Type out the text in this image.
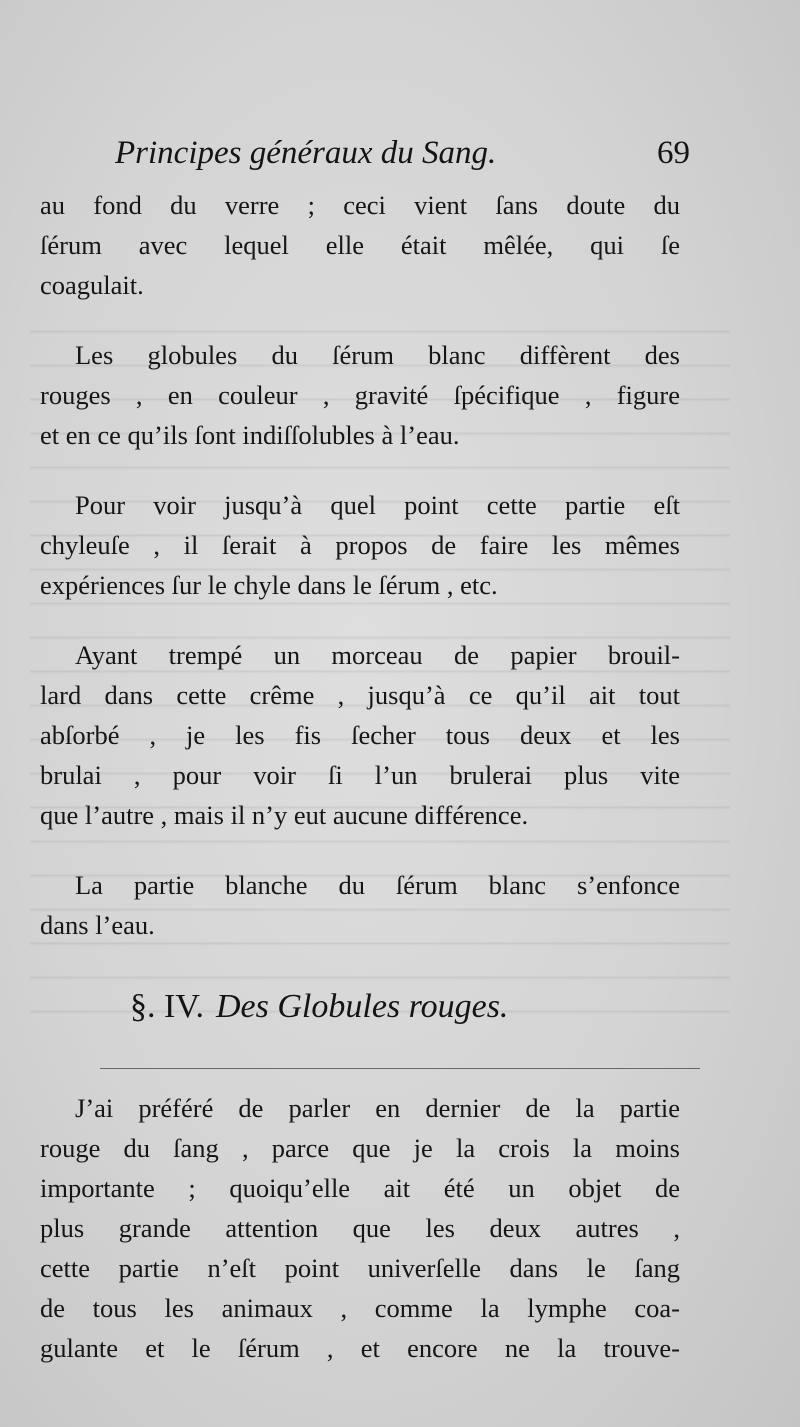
Principes généraux du Sang.	69
au fond du verre ; ceci vient ſans doute du
ſérum avec lequel elle était mêlée, qui ſe
coagulait.
Les globules du ſérum blanc diffèrent des
rouges , en couleur , gravité ſpécifique , figure
et en ce qu’ils ſont indiſſolubles à l’eau.
Pour voir jusqu’à quel point cette partie eſt
chyleuſe , il ſerait à propos de faire les mêmes
expériences ſur le chyle dans le ſérum , etc.
Ayant trempé un morceau de papier brouil-
lard dans cette crême , jusqu’à ce qu’il ait tout
abſorbé , je les fis ſecher tous deux et les
brulai , pour voir ſi l’un brulerai plus vite
que l’autre , mais il n’y eut aucune différence.
La partie blanche du ſérum blanc s’enfonce
dans l’eau.
§. IV. Des Globules rouges.
J’ai préféré de parler en dernier de la partie
rouge du ſang , parce que je la crois la moins
importante ; quoiqu’elle ait été un objet de
plus grande attention que les deux autres ,
cette partie n’eſt point univerſelle dans le ſang
de tous les animaux , comme la lymphe coa-
gulante et le ſérum , et encore ne la trouve-
